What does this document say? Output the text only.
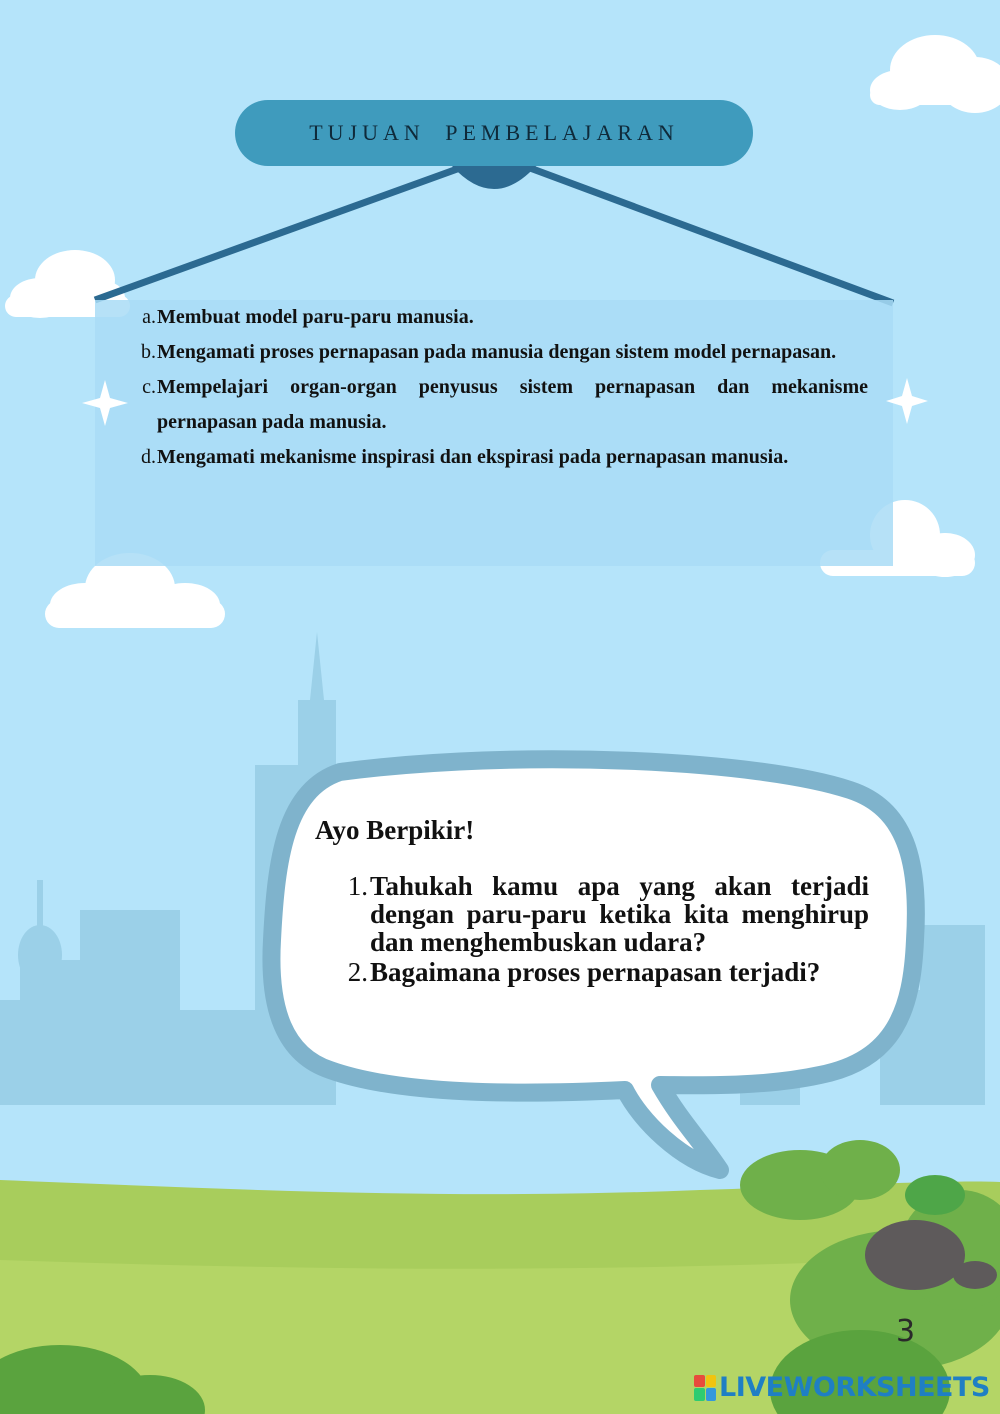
TUJUAN PEMBELAJARAN
a. Membuat model paru-paru manusia.
b. Mengamati proses pernapasan pada manusia dengan sistem model pernapasan.
c. Mempelajari organ-organ penyusus sistem pernapasan dan mekanisme pernapasan pada manusia.
d. Mengamati mekanisme inspirasi dan ekspirasi pada pernapasan manusia.
Ayo Berpikir!
1. Tahukah kamu apa yang akan terjadi dengan paru-paru ketika kita menghirup dan menghembuskan udara?
2. Bagaimana proses pernapasan terjadi?
3
LIVEWORKSHEETS
